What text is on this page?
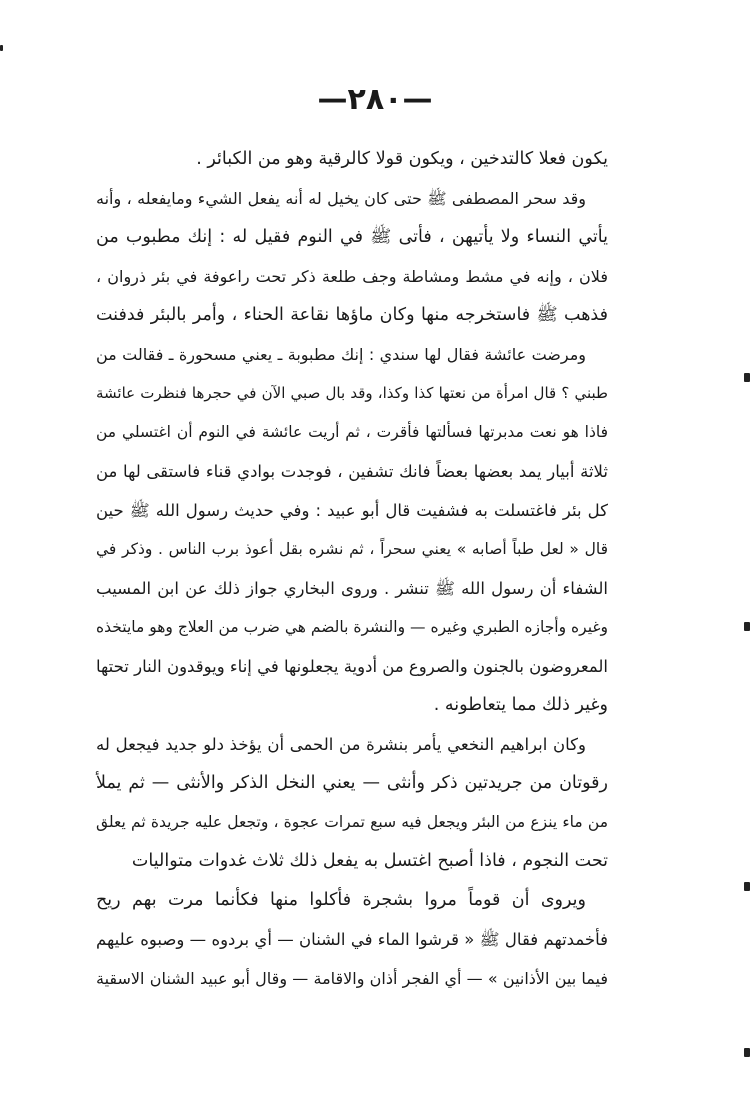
—٢٨٠—
يكون فعلا كالتدخين ، ويكون قولا كالرقية وهو من الكبائر .
وقد سحر المصطفى ﷺ حتى كان يخيل له أنه يفعل الشيء ومايفعله ، وأنه
يأتي النساء ولا يأتيهن ، فأتى ﷺ في النوم فقيل له : إنك مطبوب من
فلان ، وإنه في مشط ومشاطة وجف طلعة ذكر تحت راعوفة في بئر ذروان ،
فذهب ﷺ فاستخرجه منها وكان ماؤها نقاعة الحناء ، وأمر بالبئر فدفنت
ومرضت عائشة فقال لها سندي : إنك مطبوبة ـ يعني مسحورة ـ فقالت من
طبني ؟ قال امرأة من نعتها كذا وكذا، وقد بال صبي الآن في حجرها فنظرت عائشة
فاذا هو نعت مدبرتها فسألتها فأقرت ، ثم أريت عائشة في النوم أن اغتسلي من
ثلاثة أبيار يمد بعضها بعضاً فانك تشفين ، فوجدت بوادي قناء فاستقى لها من
كل بئر فاغتسلت به فشفيت قال أبو عبيد : وفي حديث رسول الله ﷺ حين
قال « لعل طباً أصابه » يعني سحراً ، ثم نشره بقل أعوذ برب الناس . وذكر في
الشفاء أن رسول الله ﷺ تنشر . وروى البخاري جواز ذلك عن ابن المسيب
وغيره وأجازه الطبري وغيره — والنشرة بالضم هي ضرب من العلاج وهو مايتخذه
المعروضون بالجنون والصروع من أدوية يجعلونها في إناء ويوقدون النار تحتها
وغير ذلك مما يتعاطونه .
وكان ابراهيم النخعي يأمر بنشرة من الحمى أن يؤخذ دلو جديد فيجعل له
رقوتان من جريدتين ذكر وأنثى — يعني النخل الذكر والأنثى — ثم يملأ
من ماء ينزع من البئر ويجعل فيه سبع تمرات عجوة ، وتجعل عليه جريدة ثم يعلق
تحت النجوم ، فاذا أصبح اغتسل به يفعل ذلك ثلاث غدوات متواليات
ويروى أن قوماً مروا بشجرة فأكلوا منها فكأنما مرت بهم ريح
فأخمدتهم فقال ﷺ « قرشوا الماء في الشنان — أي بردوه — وصبوه عليهم
فيما بين الأذانين » — أي الفجر أذان والاقامة — وقال أبو عبيد الشنان الاسقية
